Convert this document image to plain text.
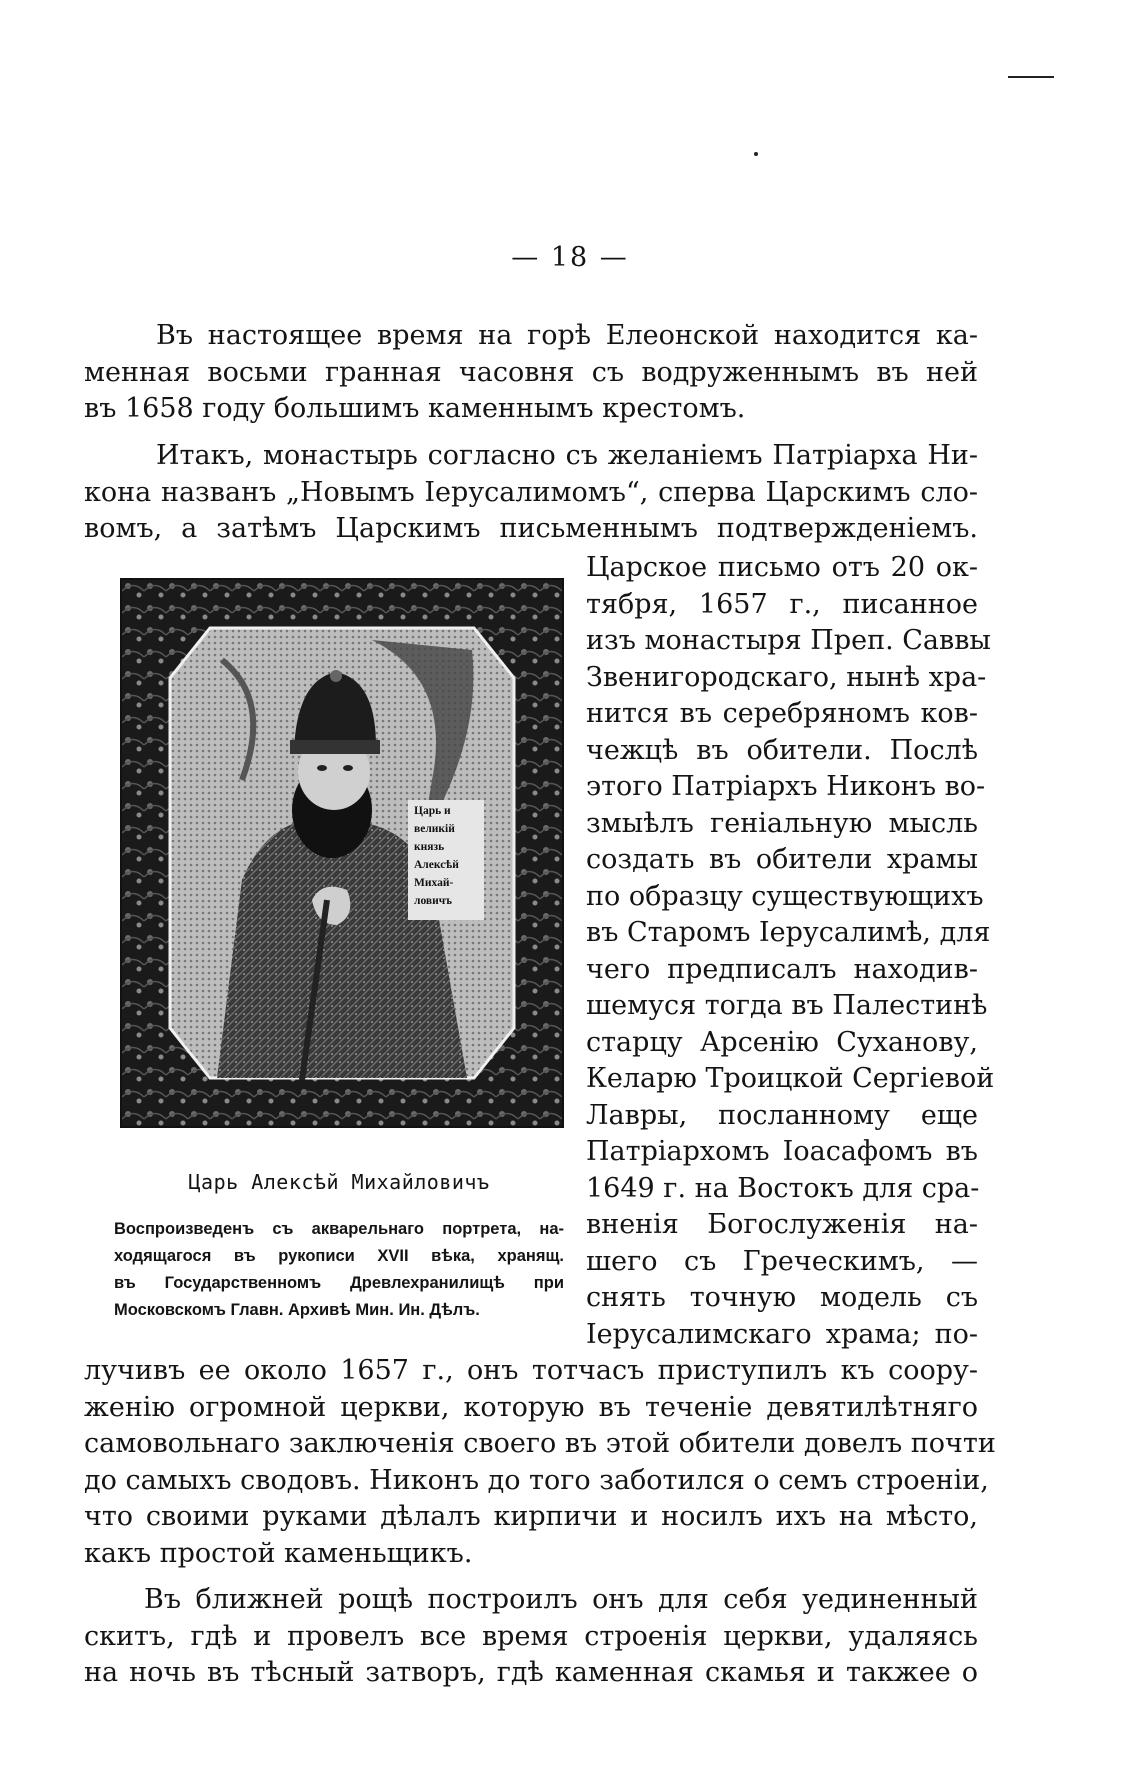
— 18 —
Въ настоящее время на горѣ Елеонской находится ка-
менная восьми гранная часовня съ водруженнымъ въ ней
въ 1658 году большимъ каменнымъ крестомъ.
Итакъ, монастырь согласно съ желаніемъ Патріарха Ни-
кона названъ „Новымъ Іерусалимомъ“, сперва Царскимъ сло-
вомъ, а затѣмъ Царскимъ письменнымъ подтвержденіемъ.
Царь и
великiй
князь
Алексѣй
Михай-
ловичъ
Царь Алексѣй Михайловичъ
Воспроизведенъ съ акварельнаго портрета, на-
ходящагося въ рукописи XVII вѣка, хранящ.
въ Государственномъ Древлехранилищѣ при
Московскомъ Главн. Архивѣ Мин. Ин. Дѣлъ.
Царское письмо отъ 20 ок-
тября, 1657 г., писанное
изъ монастыря Преп. Саввы
Звенигородскаго, нынѣ хра-
нится въ серебряномъ ков-
чежцѣ въ обители. Послѣ
этого Патріархъ Никонъ во-
змыѣлъ геніальную мысль
создать въ обители храмы
по образцу существующихъ
въ Старомъ Іерусалимѣ, для
чего предписалъ находив-
шемуся тогда въ Палестинѣ
старцу Арсенію Суханову,
Келарю Троицкой Сергіевой
Лавры, посланному еще
Патріархомъ Іоасафомъ въ
1649 г. на Востокъ для сра-
вненія Богослуженія на-
шего съ Греческимъ, —
снять точную модель съ
Іерусалимскаго храма; по-
лучивъ ее около 1657 г., онъ тотчасъ приступилъ къ соору-
женію огромной церкви, которую въ теченіе девятилѣтняго
самовольнаго заключенія своего въ этой обители довелъ почти
до самыхъ сводовъ. Никонъ до того заботился о семъ строеніи,
что своими руками дѣлалъ кирпичи и носилъ ихъ на мѣсто,
какъ простой каменьщикъ.
Въ ближней рощѣ построилъ онъ для себя уединенный
скитъ, гдѣ и провелъ все время строенія церкви, удаляясь
на ночь въ тѣсный затворъ, гдѣ каменная скамья и такжее о
